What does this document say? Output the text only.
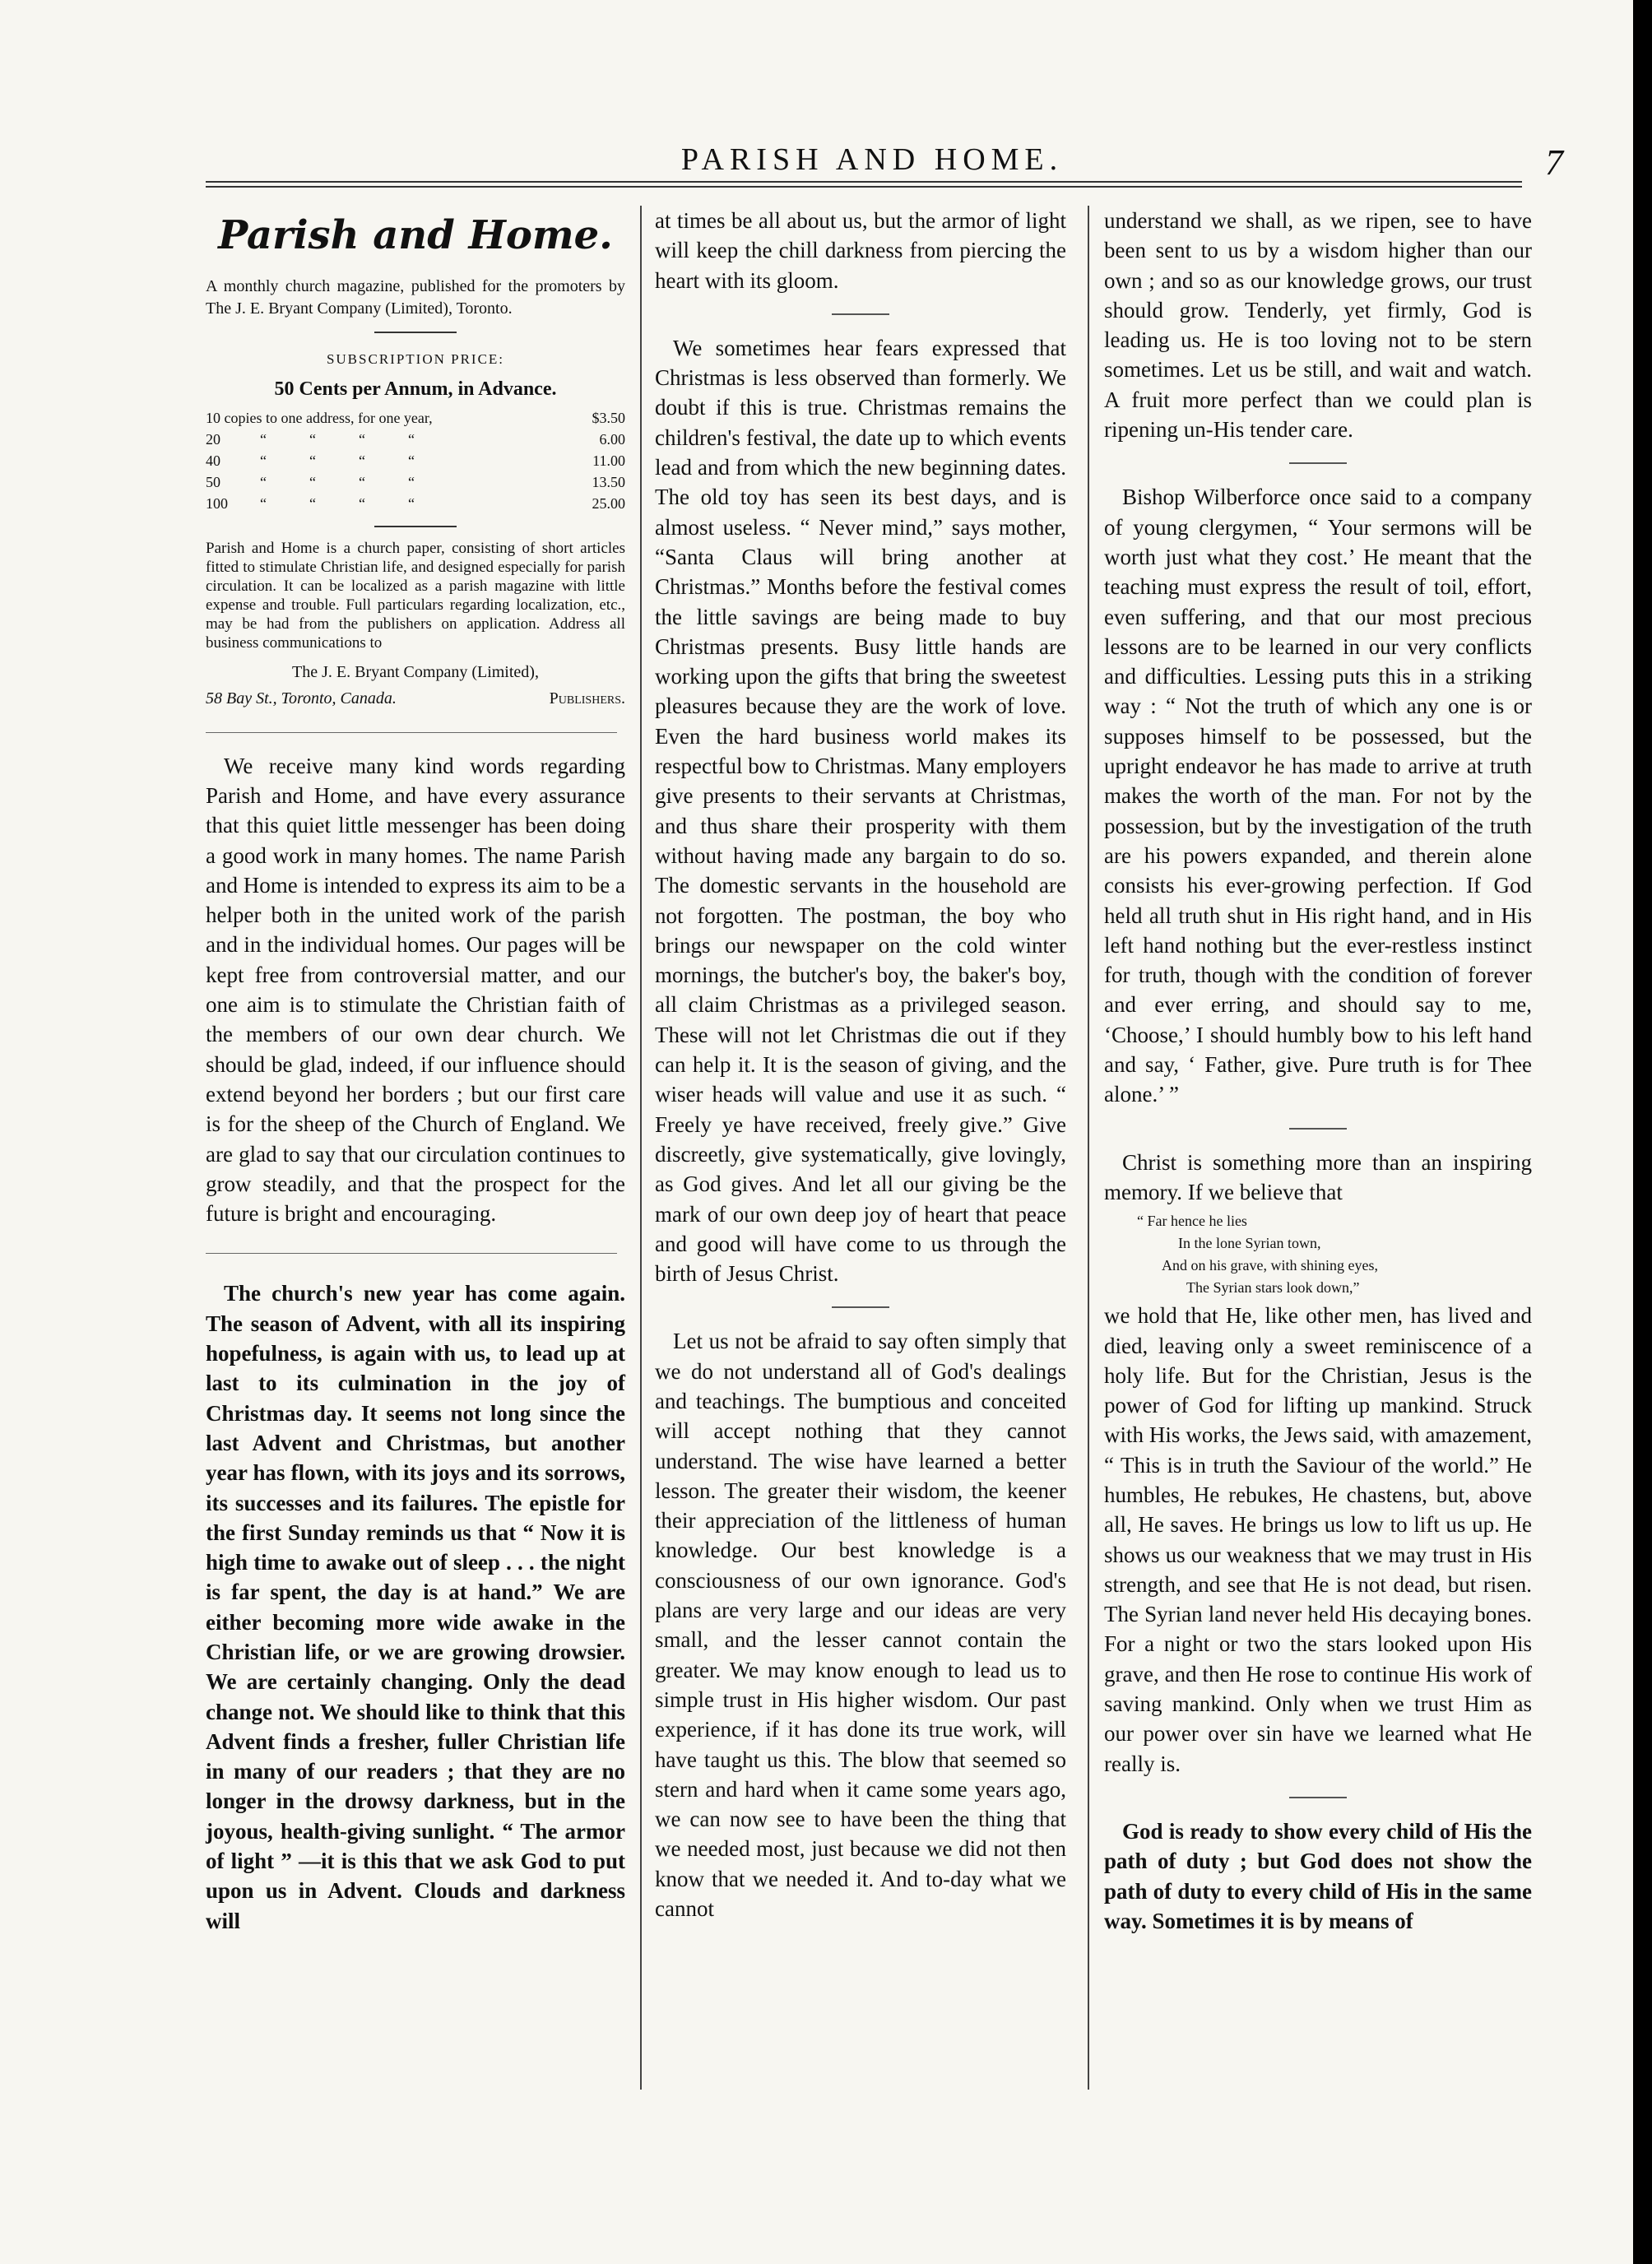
PARISH AND HOME.	7
Parish and Home.
A monthly church magazine, published for the promoters by The J. E. Bryant Company (Limited), Toronto.
SUBSCRIPTION PRICE:
50 Cents per Annum, in Advance.
10 copies to one address, for one year,					$3.50
20	“	“	“	“	6.00
40	“	“	“	“	11.00
50	“	“	“	“	13.50
100	“	“	“	“	25.00
Parish and Home is a church paper, consisting of short articles fitted to stimulate Christian life, and designed especially for parish circulation. It can be localized as a parish magazine with little expense and trouble. Full particulars regarding localization, etc., may be had from the publishers on application. Address all business communications to
The J. E. Bryant Company (Limited),
58 Bay St., Toronto, Canada.	Publishers.

We receive many kind words regarding Parish and Home, and have every assurance that this quiet little messenger has been doing a good work in many homes. The name Parish and Home is intended to express its aim to be a helper both in the united work of the parish and in the individual homes. Our pages will be kept free from controversial matter, and our one aim is to stimulate the Christian faith of the members of our own dear church. We should be glad, indeed, if our influence should extend beyond her borders ; but our first care is for the sheep of the Church of England. We are glad to say that our circulation continues to grow steadily, and that the prospect for the future is bright and encouraging.

The church's new year has come again. The season of Advent, with all its inspiring hopefulness, is again with us, to lead up at last to its culmination in the joy of Christmas day. It seems not long since the last Advent and Christmas, but another year has flown, with its joys and its sorrows, its successes and its failures. The epistle for the first Sunday reminds us that “ Now it is high time to awake out of sleep . . . the night is far spent, the day is at hand.” We are either becoming more wide awake in the Christian life, or we are growing drowsier. We are certainly changing. Only the dead change not. We should like to think that this Advent finds a fresher, fuller Christian life in many of our readers ; that they are no longer in the drowsy darkness, but in the joyous, health-giving sunlight. “ The armor of light ” —it is this that we ask God to put upon us in Advent. Clouds and darkness will

at times be all about us, but the armor of light will keep the chill darkness from piercing the heart with its gloom.

We sometimes hear fears expressed that Christmas is less observed than formerly. We doubt if this is true. Christmas remains the children's festival, the date up to which events lead and from which the new beginning dates. The old toy has seen its best days, and is almost useless. “ Never mind,” says mother, “Santa Claus will bring another at Christmas.” Months before the festival comes the little savings are being made to buy Christmas presents. Busy little hands are working upon the gifts that bring the sweetest pleasures because they are the work of love. Even the hard business world makes its respectful bow to Christmas. Many employers give presents to their servants at Christmas, and thus share their prosperity with them without having made any bargain to do so. The domestic servants in the household are not forgotten. The postman, the boy who brings our newspaper on the cold winter mornings, the butcher's boy, the baker's boy, all claim Christmas as a privileged season. These will not let Christmas die out if they can help it. It is the season of giving, and the wiser heads will value and use it as such. “ Freely ye have received, freely give.” Give discreetly, give systematically, give lovingly, as God gives. And let all our giving be the mark of our own deep joy of heart that peace and good will have come to us through the birth of Jesus Christ.

Let us not be afraid to say often simply that we do not understand all of God's dealings and teachings. The bumptious and conceited will accept nothing that they cannot understand. The wise have learned a better lesson. The greater their wisdom, the keener their appreciation of the littleness of human knowledge. Our best knowledge is a consciousness of our own ignorance. God's plans are very large and our ideas are very small, and the lesser cannot contain the greater. We may know enough to lead us to simple trust in His higher wisdom. Our past experience, if it has done its true work, will have taught us this. The blow that seemed so stern and hard when it came some years ago, we can now see to have been the thing that we needed most, just because we did not then know that we needed it. And to-day what we cannot

understand we shall, as we ripen, see to have been sent to us by a wisdom higher than our own ; and so as our knowledge grows, our trust should grow. Tenderly, yet firmly, God is leading us. He is too loving not to be stern sometimes. Let us be still, and wait and watch. A fruit more perfect than we could plan is ripening un-His tender care.

Bishop Wilberforce once said to a company of young clergymen, “ Your sermons will be worth just what they cost.’ He meant that the teaching must express the result of toil, effort, even suffering, and that our most precious lessons are to be learned in our very conflicts and difficulties. Lessing puts this in a striking way : “ Not the truth of which any one is or supposes himself to be possessed, but the upright endeavor he has made to arrive at truth makes the worth of the man. For not by the possession, but by the investigation of the truth are his powers expanded, and therein alone consists his ever-growing perfection. If God held all truth shut in His right hand, and in His left hand nothing but the ever-restless instinct for truth, though with the condition of forever and ever erring, and should say to me, ‘Choose,’ I should humbly bow to his left hand and say, ‘ Father, give. Pure truth is for Thee alone.’ ”

Christ is something more than an inspiring memory. If we believe that

“ Far hence he lies
In the lone Syrian town,
And on his grave, with shining eyes,
The Syrian stars look down,”

we hold that He, like other men, has lived and died, leaving only a sweet reminiscence of a holy life. But for the Christian, Jesus is the power of God for lifting up mankind. Struck with His works, the Jews said, with amazement, “ This is in truth the Saviour of the world.” He humbles, He rebukes, He chastens, but, above all, He saves. He brings us low to lift us up. He shows us our weakness that we may trust in His strength, and see that He is not dead, but risen. The Syrian land never held His decaying bones. For a night or two the stars looked upon His grave, and then He rose to continue His work of saving mankind. Only when we trust Him as our power over sin have we learned what He really is.

God is ready to show every child of His the path of duty ; but God does not show the path of duty to every child of His in the same way. Sometimes it is by means of
